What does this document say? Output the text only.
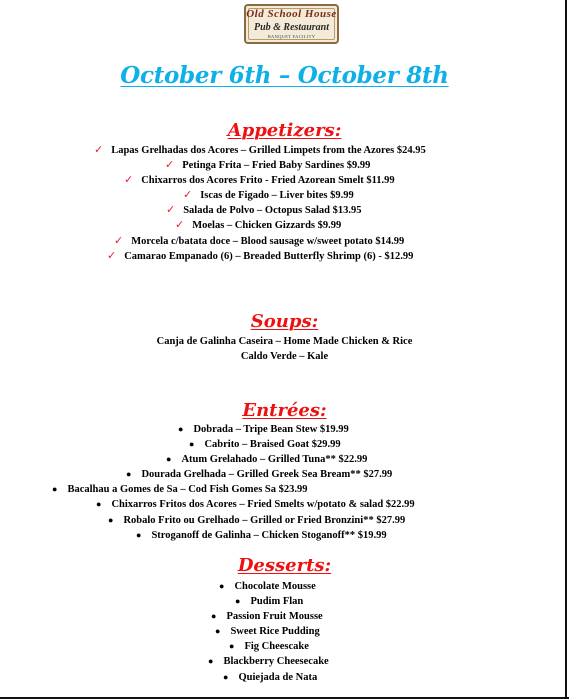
Old School House
Pub & Restaurant
BANQUET FACILITY
October 6th – October 8th
Appetizers:
✓ Lapas Grelhadas dos Acores – Grilled Limpets from the Azores $24.95
✓ Petinga Frita – Fried Baby Sardines $9.99
✓ Chixarros dos Acores Frito - Fried Azorean Smelt $11.99
✓ Iscas de Figado – Liver bites $9.99
✓ Salada de Polvo – Octopus Salad $13.95
✓ Moelas – Chicken Gizzards $9.99
✓ Morcela c/batata doce – Blood sausage w/sweet potato $14.99
✓ Camarao Empanado (6) – Breaded Butterfly Shrimp (6) - $12.99
Soups:
Canja de Galinha Caseira – Home Made Chicken & Rice
Caldo Verde – Kale
Entrées:
● Dobrada – Tripe Bean Stew $19.99
● Cabrito – Braised Goat $29.99
● Atum Grelahado – Grilled Tuna** $22.99
● Dourada Grelhada – Grilled Greek Sea Bream** $27.99
● Bacalhau a Gomes de Sa – Cod Fish Gomes Sa $23.99
● Chixarros Fritos dos Acores – Fried Smelts w/potato & salad $22.99
● Robalo Frito ou Grelhado – Grilled or Fried Bronzini** $27.99
● Stroganoff de Galinha – Chicken Stoganoff** $19.99
Desserts:
● Chocolate Mousse
● Pudim Flan
● Passion Fruit Mousse
● Sweet Rice Pudding
● Fig Cheescake
● Blackberry Cheesecake
● Quiejada de Nata
